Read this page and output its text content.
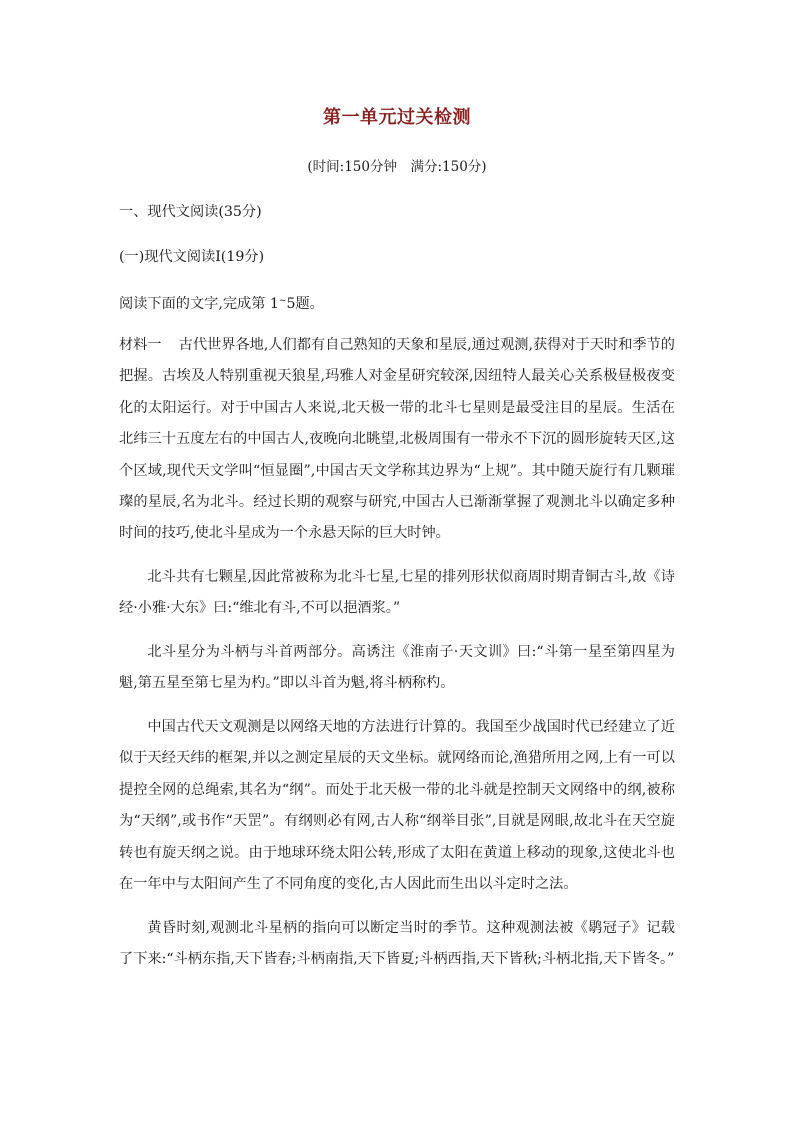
第一单元过关检测
(时间:150分钟　满分:150分)
一、现代文阅读(35分)
(一)现代文阅读Ⅰ(19分)
阅读下面的文字,完成第 1~5题。

材料一 古代世界各地,人们都有自己熟知的天象和星辰,通过观测,获得对于天时和季节的把握。古埃及人特别重视天狼星,玛雅人对金星研究较深,因纽特人最关心关系极昼极夜变化的太阳运行。对于中国古人来说,北天极一带的北斗七星则是最受注目的星辰。生活在北纬三十五度左右的中国古人,夜晚向北眺望,北极周围有一带永不下沉的圆形旋转天区,这个区域,现代天文学叫“恒显圈”,中国古天文学称其边界为“上规”。其中随天旋行有几颗璀璨的星辰,名为北斗。经过长期的观察与研究,中国古人已渐渐掌握了观测北斗以确定多种时间的技巧,使北斗星成为一个永悬天际的巨大时钟。

北斗共有七颗星,因此常被称为北斗七星,七星的排列形状似商周时期青铜古斗,故《诗经·小雅·大东》曰:“维北有斗,不可以挹酒浆。”

北斗星分为斗柄与斗首两部分。高诱注《淮南子·天文训》曰:“斗第一星至第四星为魁,第五星至第七星为杓。”即以斗首为魁,将斗柄称杓。

中国古代天文观测是以网络天地的方法进行计算的。我国至少战国时代已经建立了近似于天经天纬的框架,并以之测定星辰的天文坐标。就网络而论,渔猎所用之网,上有一可以提控全网的总绳索,其名为“纲”。而处于北天极一带的北斗就是控制天文网络中的纲,被称为“天纲”,或书作“天罡”。有纲则必有网,古人称“纲举目张”,目就是网眼,故北斗在天空旋转也有旋天纲之说。由于地球环绕太阳公转,形成了太阳在黄道上移动的现象,这使北斗也在一年中与太阳间产生了不同角度的变化,古人因此而生出以斗定时之法。

黄昏时刻,观测北斗星柄的指向可以断定当时的季节。这种观测法被《鹖冠子》记载了下来:“斗柄东指,天下皆春;斗柄南指,天下皆夏;斗柄西指,天下皆秋;斗柄北指,天下皆冬。”
